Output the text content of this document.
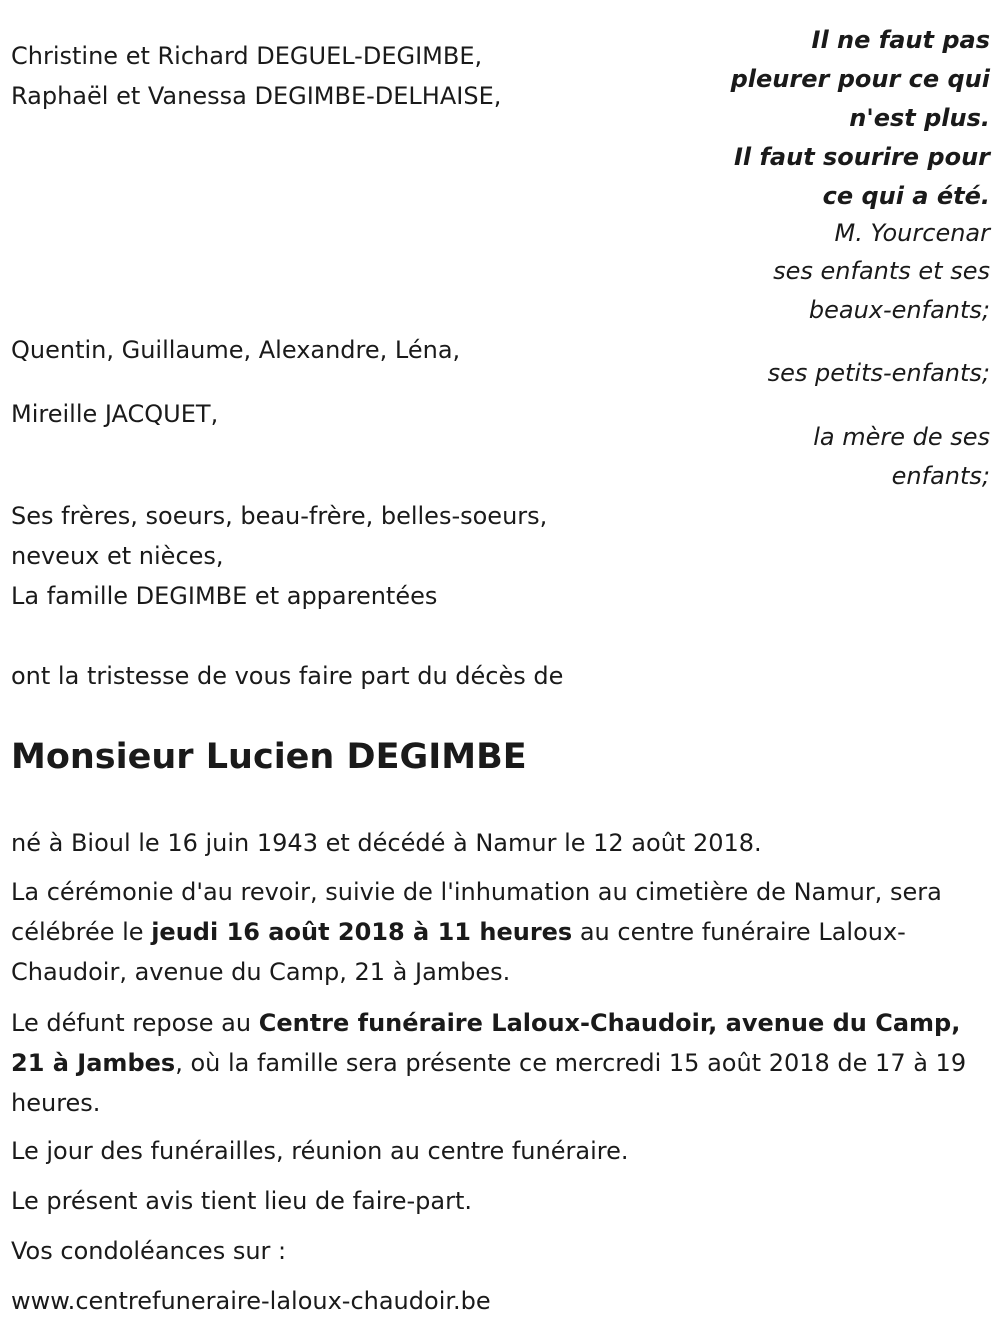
Christine et Richard DEGUEL-DEGIMBE,
Raphaël et Vanessa DEGIMBE-DELHAISE,
Quentin, Guillaume, Alexandre, Léna,
Mireille JACQUET,
Ses frères, soeurs, beau-frère, belles-soeurs,
neveux et nièces,
La famille DEGIMBE et apparentées
Il ne faut pas
pleurer pour ce qui
n'est plus.
Il faut sourire pour
ce qui a été.
M. Yourcenar
ses enfants et ses
beaux-enfants;
ses petits-enfants;
la mère de ses
enfants;
ont la tristesse de vous faire part du décès de
Monsieur Lucien DEGIMBE
né à Bioul le 16 juin 1943 et décédé à Namur le 12 août 2018.
La cérémonie d'au revoir, suivie de l'inhumation au cimetière de Namur, sera célébrée le jeudi 16 août 2018 à 11 heures au centre funéraire Laloux-Chaudoir, avenue du Camp, 21 à Jambes.
Le défunt repose au Centre funéraire Laloux-Chaudoir, avenue du Camp, 21 à Jambes, où la famille sera présente ce mercredi 15 août 2018 de 17 à 19 heures.
Le jour des funérailles, réunion au centre funéraire.
Le présent avis tient lieu de faire-part.
Vos condoléances sur :
www.centrefuneraire-laloux-chaudoir.be
